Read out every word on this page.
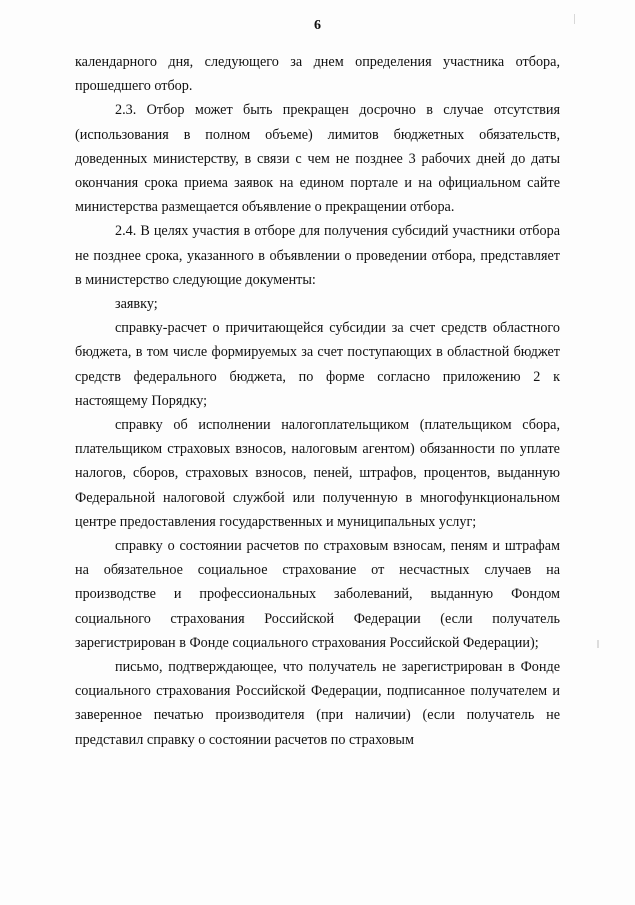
6

календарного дня, следующего за днем определения участника отбора, прошедшего отбор.

2.3. Отбор может быть прекращен досрочно в случае отсутствия (использования в полном объеме) лимитов бюджетных обязательств, доведенных министерству, в связи с чем не позднее 3 рабочих дней до даты окончания срока приема заявок на едином портале и на официальном сайте министерства размещается объявление о прекращении отбора.

2.4. В целях участия в отборе для получения субсидий участники отбора не позднее срока, указанного в объявлении о проведении отбора, представляет в министерство следующие документы:

заявку;

справку-расчет о причитающейся субсидии за счет средств областного бюджета, в том числе формируемых за счет поступающих в областной бюджет средств федерального бюджета, по форме согласно приложению 2 к настоящему Порядку;

справку об исполнении налогоплательщиком (плательщиком сбора, плательщиком страховых взносов, налоговым агентом) обязанности по уплате налогов, сборов, страховых взносов, пеней, штрафов, процентов, выданную Федеральной налоговой службой или полученную в многофункциональном центре предоставления государственных и муниципальных услуг;

справку о состоянии расчетов по страховым взносам, пеням и штрафам на обязательное социальное страхование от несчастных случаев на производстве и профессиональных заболеваний, выданную Фондом социального страхования Российской Федерации (если получатель зарегистрирован в Фонде социального страхования Российской Федерации);

письмо, подтверждающее, что получатель не зарегистрирован в Фонде социального страхования Российской Федерации, подписанное получателем и заверенное печатью производителя (при наличии) (если получатель не представил справку о состоянии расчетов по страховым
